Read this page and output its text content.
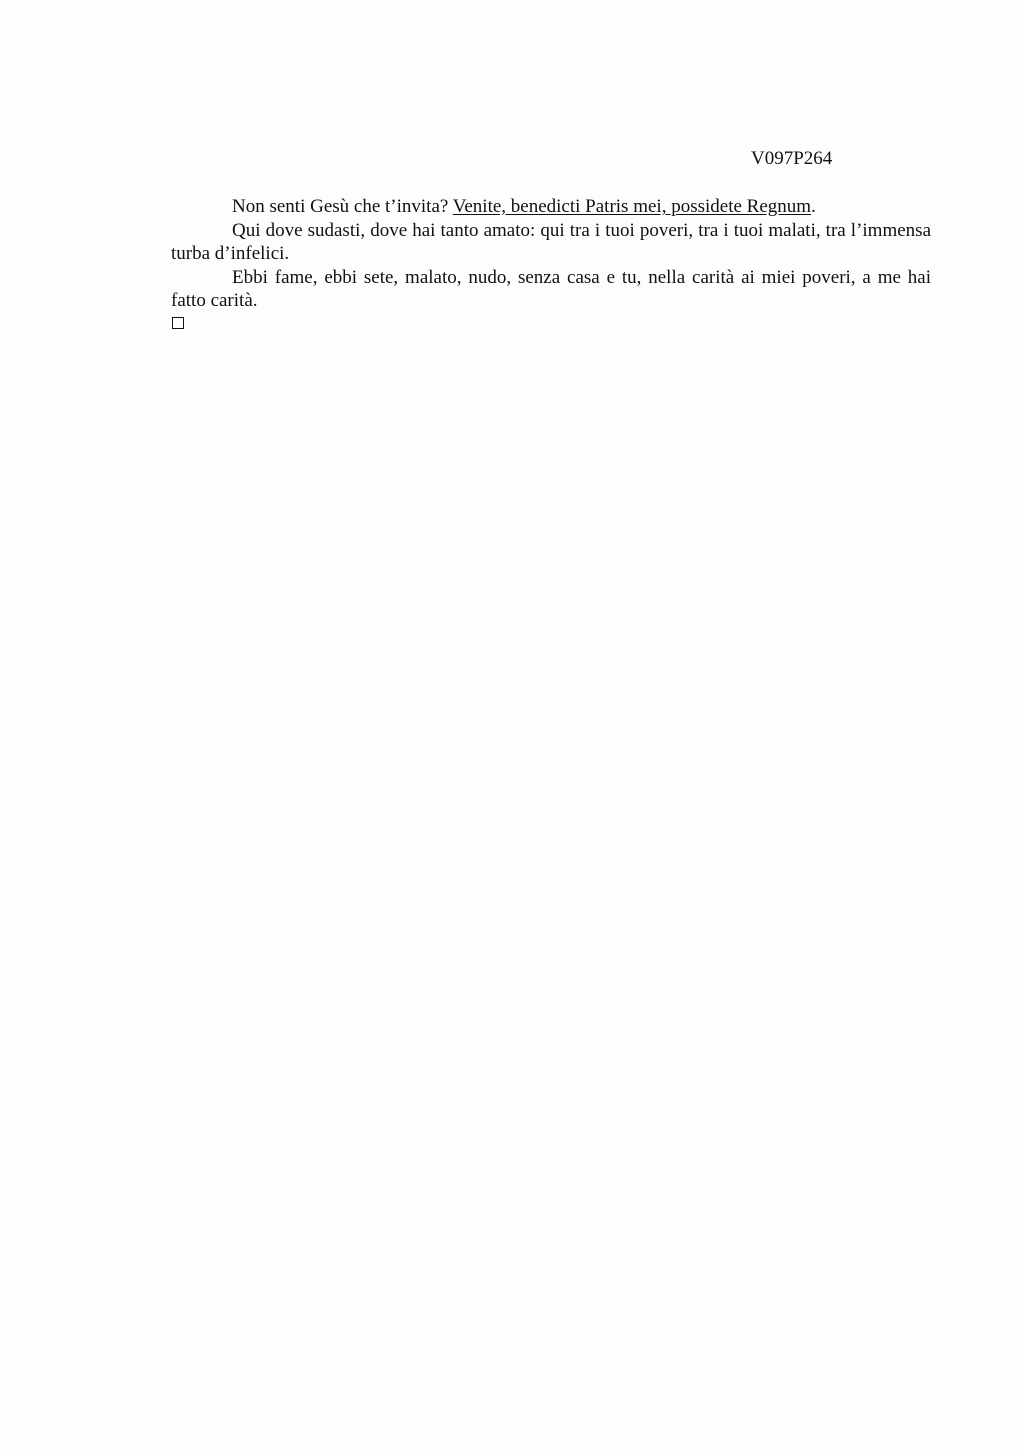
V097P264

Non senti Gesù che t’invita? Venite, benedicti Patris mei, possidete Regnum.

Qui dove sudasti, dove hai tanto amato: qui tra i tuoi poveri, tra i tuoi malati, tra l’immensa turba d’infelici.

Ebbi fame, ebbi sete, malato, nudo, senza casa e tu, nella carità ai miei poveri, a me hai fatto carità.
